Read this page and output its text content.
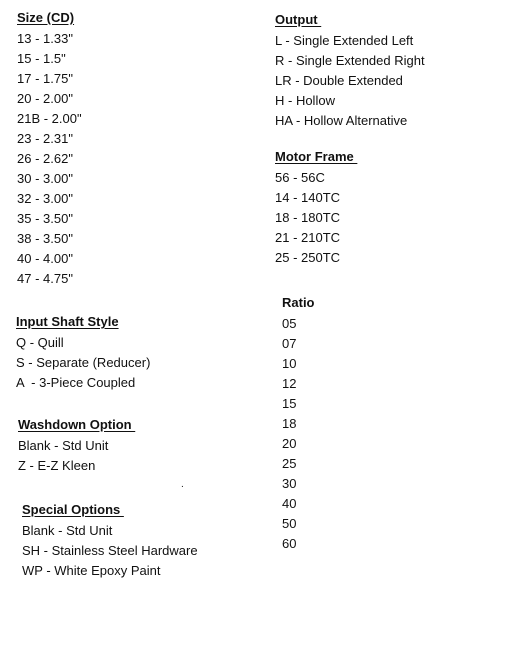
Size (CD)
13 - 1.33"
15 - 1.5"
17 - 1.75"
20 - 2.00"
21B - 2.00"
23 - 2.31"
26 - 2.62"
30 - 3.00"
32 - 3.00"
35 - 3.50"
38 - 3.50"
40 - 4.00"
47 - 4.75"
Output
L - Single Extended Left
R - Single Extended Right
LR - Double Extended
H - Hollow
HA - Hollow Alternative
Motor Frame
56 - 56C
14 - 140TC
18 - 180TC
21 - 210TC
25 - 250TC
Input Shaft Style
Q - Quill
S - Separate (Reducer)
A  - 3-Piece Coupled
Ratio
05
07
10
12
15
18
20
25
30
40
50
60
Washdown Option
Blank - Std Unit
Z - E-Z Kleen
.
Special Options
Blank - Std Unit
SH - Stainless Steel Hardware
WP - White Epoxy Paint
